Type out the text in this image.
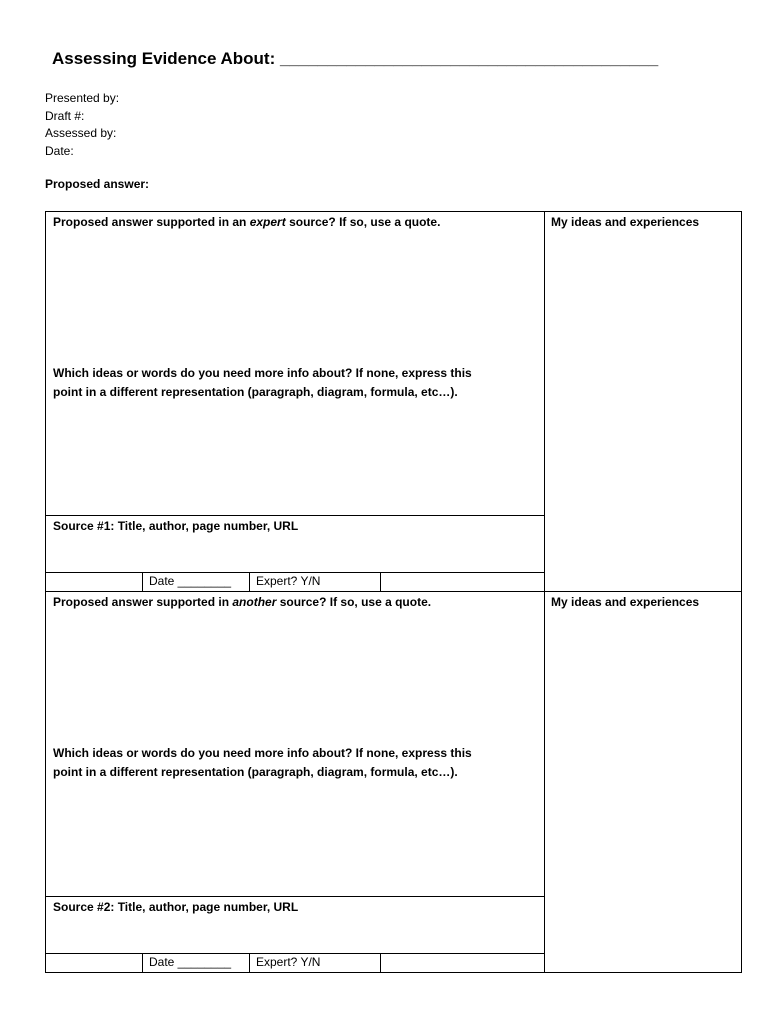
Assessing Evidence About: ________________________________________
Presented by:
Draft #:
Assessed by:
Date:
Proposed answer:
Proposed answer supported in an expert source? If so, use a quote.
Which ideas or words do you need more info about? If none, express this
point in a different representation (paragraph, diagram, formula, etc…).
My ideas and experiences
Source #1: Title, author, page number, URL
Date ________	Expert? Y/N
Proposed answer supported in another source? If so, use a quote.
Which ideas or words do you need more info about? If none, express this
point in a different representation (paragraph, diagram, formula, etc…).
My ideas and experiences
Source #2: Title, author, page number, URL
Date ________	Expert? Y/N
